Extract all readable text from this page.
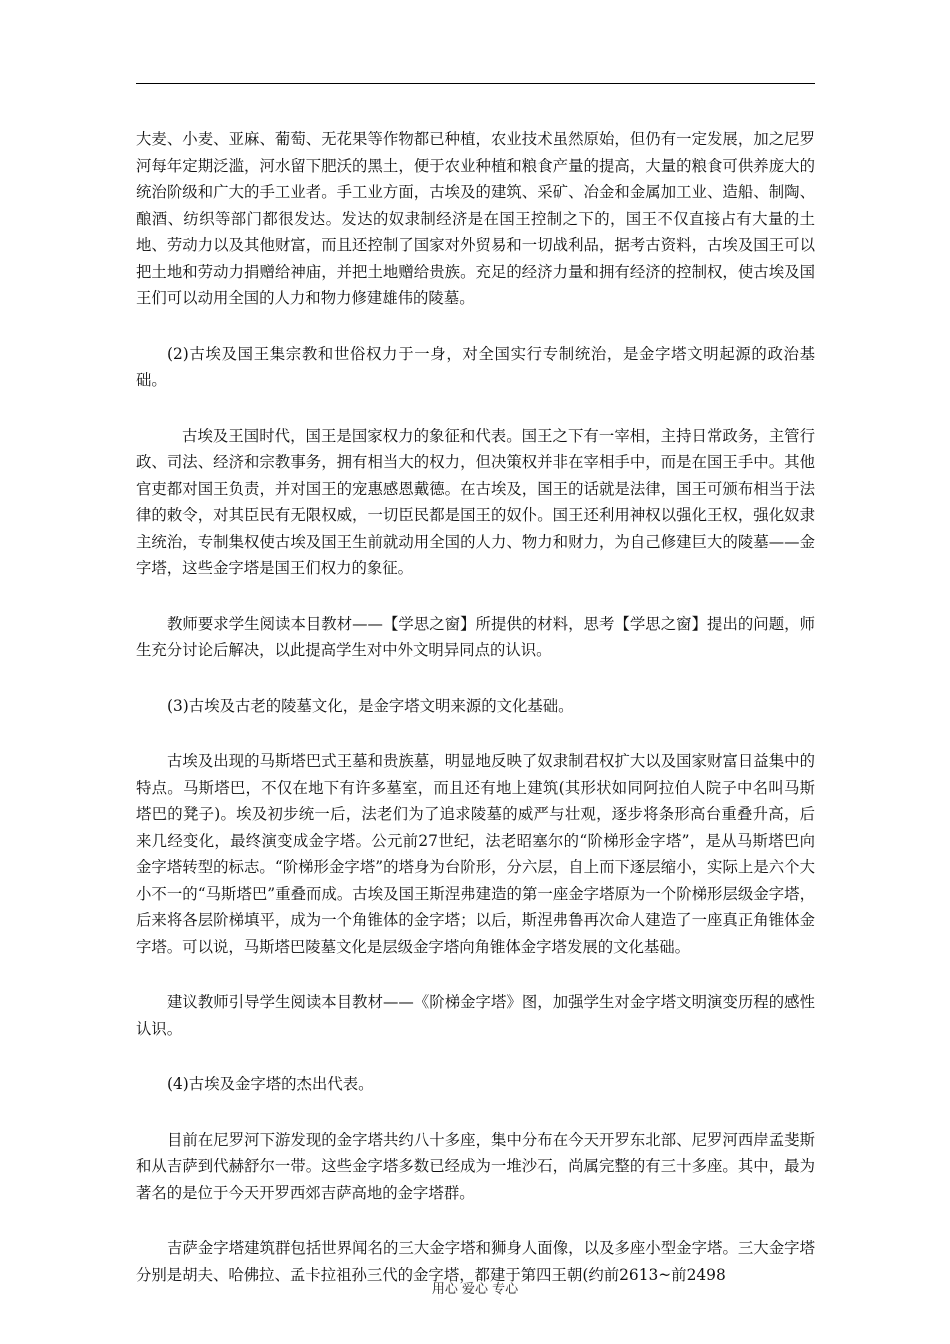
大麦、小麦、亚麻、葡萄、无花果等作物都已种植，农业技术虽然原始，但仍有一定发展，加之尼罗河每年定期泛滥，河水留下肥沃的黑土，便于农业种植和粮食产量的提高，大量的粮食可供养庞大的统治阶级和广大的手工业者。手工业方面，古埃及的建筑、采矿、冶金和金属加工业、造船、制陶、酿酒、纺织等部门都很发达。发达的奴隶制经济是在国王控制之下的，国王不仅直接占有大量的土地、劳动力以及其他财富，而且还控制了国家对外贸易和一切战利品，据考古资料，古埃及国王可以把土地和劳动力捐赠给神庙，并把土地赠给贵族。充足的经济力量和拥有经济的控制权，使古埃及国王们可以动用全国的人力和物力修建雄伟的陵墓。

(2)古埃及国王集宗教和世俗权力于一身，对全国实行专制统治，是金字塔文明起源的政治基础。

古埃及王国时代，国王是国家权力的象征和代表。国王之下有一宰相，主持日常政务，主管行政、司法、经济和宗教事务，拥有相当大的权力，但决策权并非在宰相手中，而是在国王手中。其他官吏都对国王负责，并对国王的宠惠感恩戴德。在古埃及，国王的话就是法律，国王可颁布相当于法律的敕令，对其臣民有无限权威，一切臣民都是国王的奴仆。国王还利用神权以强化王权，强化奴隶主统治，专制集权使古埃及国王生前就动用全国的人力、物力和财力，为自己修建巨大的陵墓——金字塔，这些金字塔是国王们权力的象征。

教师要求学生阅读本目教材——【学思之窗】所提供的材料，思考【学思之窗】提出的问题，师生充分讨论后解决，以此提高学生对中外文明异同点的认识。

(3)古埃及古老的陵墓文化，是金字塔文明来源的文化基础。

古埃及出现的马斯塔巴式王墓和贵族墓，明显地反映了奴隶制君权扩大以及国家财富日益集中的特点。马斯塔巴，不仅在地下有许多墓室，而且还有地上建筑(其形状如同阿拉伯人院子中名叫马斯塔巴的凳子)。埃及初步统一后，法老们为了追求陵墓的威严与壮观，逐步将条形高台重叠升高，后来几经变化，最终演变成金字塔。公元前27世纪，法老昭塞尔的“阶梯形金字塔”，是从马斯塔巴向金字塔转型的标志。“阶梯形金字塔”的塔身为台阶形，分六层，自上而下逐层缩小，实际上是六个大小不一的“马斯塔巴”重叠而成。古埃及国王斯涅弗建造的第一座金字塔原为一个阶梯形层级金字塔，后来将各层阶梯填平，成为一个角锥体的金字塔；以后，斯涅弗鲁再次命人建造了一座真正角锥体金字塔。可以说，马斯塔巴陵墓文化是层级金字塔向角锥体金字塔发展的文化基础。

建议教师引导学生阅读本目教材——《阶梯金字塔》图，加强学生对金字塔文明演变历程的感性认识。

(4)古埃及金字塔的杰出代表。

目前在尼罗河下游发现的金字塔共约八十多座，集中分布在今天开罗东北部、尼罗河西岸孟斐斯和从吉萨到代赫舒尔一带。这些金字塔多数已经成为一堆沙石，尚属完整的有三十多座。其中，最为著名的是位于今天开罗西郊吉萨高地的金字塔群。

吉萨金字塔建筑群包括世界闻名的三大金字塔和狮身人面像，以及多座小型金字塔。三大金字塔分别是胡夫、哈佛拉、孟卡拉祖孙三代的金字塔，都建于第四王朝(约前2613~前2498

用心 爱心 专心
